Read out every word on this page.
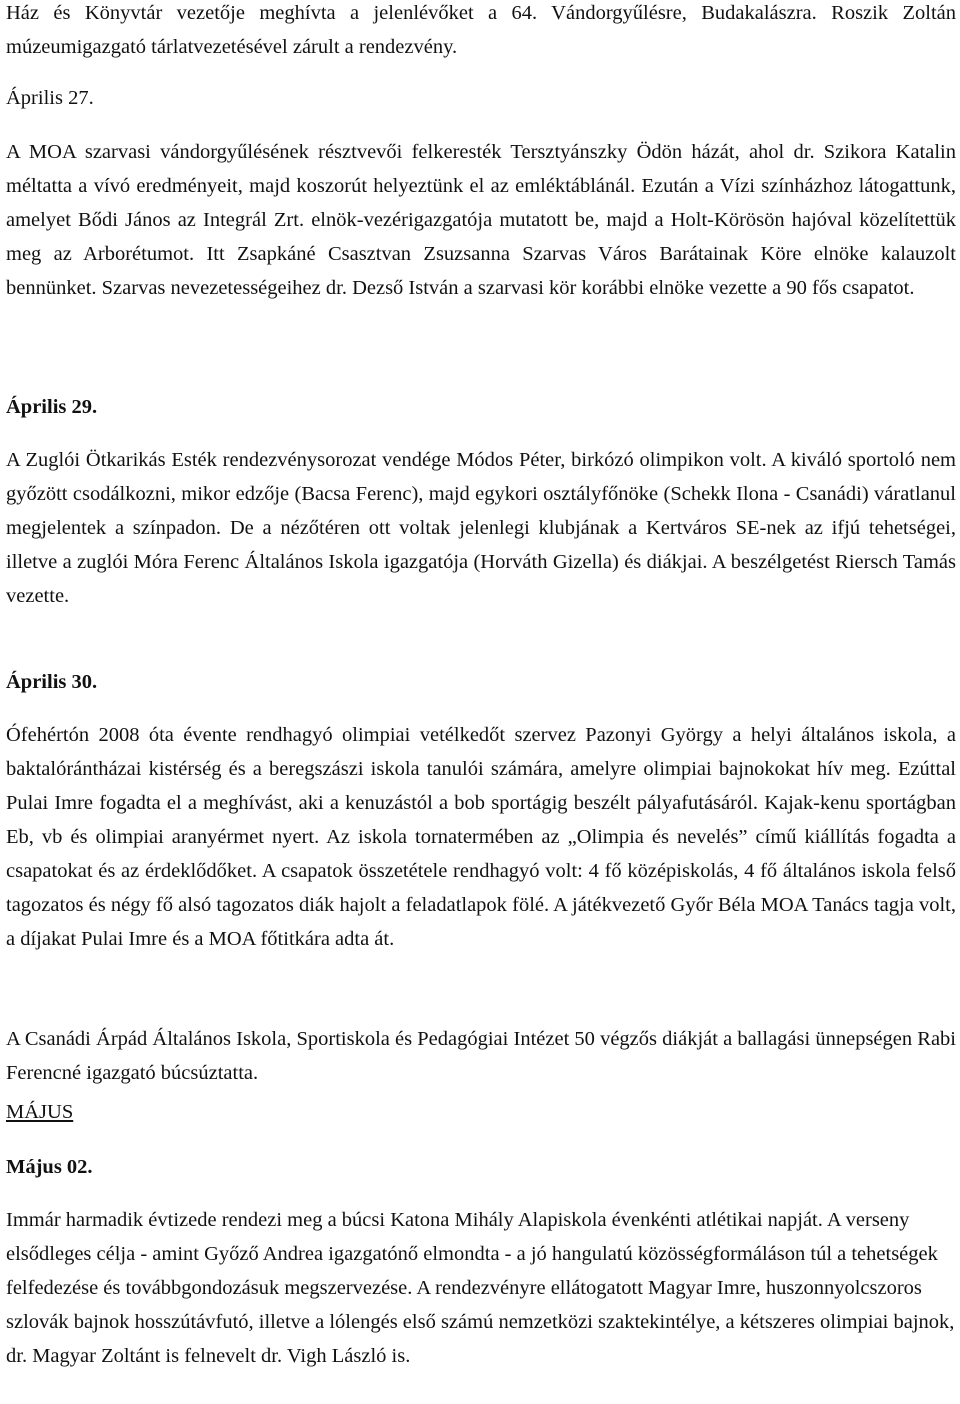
Ház és Könyvtár vezetője meghívta a jelenlévőket a 64. Vándorgyűlésre, Budakalászra. Roszik Zoltán múzeumigazgató tárlatvezetésével zárult a rendezvény.

Április 27.

A MOA szarvasi vándorgyűlésének résztvevői felkeresték Tersztyánszky Ödön házát, ahol dr. Szikora Katalin méltatta a vívó eredményeit, majd koszorút helyeztünk el az emléktáblánál. Ezután a Vízi színházhoz látogattunk, amelyet Bődi János az Integrál Zrt. elnök-vezérigazgatója mutatott be, majd a Holt-Körösön hajóval közelítettük meg az Arborétumot. Itt Zsapkáné Csasztvan Zsuzsanna Szarvas Város Barátainak Köre elnöke kalauzolt bennünket. Szarvas nevezetességeihez dr. Dezső István a szarvasi kör korábbi elnöke vezette a 90 fős csapatot.

Április 29.

A Zuglói Ötkarikás Esték rendezvénysorozat vendége Módos Péter, birkózó olimpikon volt. A kiváló sportoló nem győzött csodálkozni, mikor edzője (Bacsa Ferenc), majd egykori osztályfőnöke (Schekk Ilona - Csanádi) váratlanul megjelentek a színpadon. De a nézőtéren ott voltak jelenlegi klubjának a Kertváros SE-nek az ifjú tehetségei, illetve a zuglói Móra Ferenc Általános Iskola igazgatója (Horváth Gizella) és diákjai. A beszélgetést Riersch Tamás vezette.

Április 30.

Ófehértón 2008 óta évente rendhagyó olimpiai vetélkedőt szervez Pazonyi György a helyi általános iskola, a baktalórántházai kistérség és a beregszászi iskola tanulói számára, amelyre olimpiai bajnokokat hív meg. Ezúttal Pulai Imre fogadta el a meghívást, aki a kenuzástól a bob sportágig beszélt pályafutásáról. Kajak-kenu sportágban Eb, vb és olimpiai aranyérmet nyert. Az iskola tornatermében az „Olimpia és nevelés” című kiállítás fogadta a csapatokat és az érdeklődőket. A csapatok összetétele rendhagyó volt: 4 fő középiskolás, 4 fő általános iskola felső tagozatos és négy fő alsó tagozatos diák hajolt a feladatlapok fölé. A játékvezető Győr Béla MOA Tanács tagja volt, a díjakat Pulai Imre és a MOA főtitkára adta át.

A Csanádi Árpád Általános Iskola, Sportiskola és Pedagógiai Intézet 50 végzős diákját a ballagási ünnepségen Rabi Ferencné igazgató búcsúztatta.

MÁJUS

Május 02.

Immár harmadik évtizede rendezi meg a búcsi Katona Mihály Alapiskola évenkénti atlétikai napját. A verseny elsődleges célja - amint Győző Andrea igazgatónő elmondta - a jó hangulatú közösségformáláson túl a tehetségek felfedezése és továbbgondozásuk megszervezése. A rendezvényre ellátogatott Magyar Imre, huszonnyolcszoros szlovák bajnok hosszútávfutó, illetve a lólengés első számú nemzetközi szaktekintélye, a kétszeres olimpiai bajnok, dr. Magyar Zoltánt is felnevelt dr. Vigh László is.
